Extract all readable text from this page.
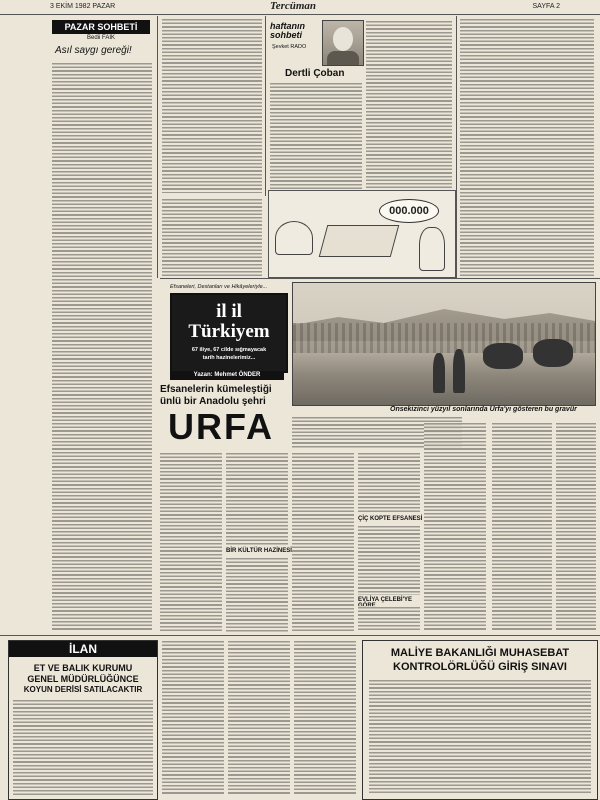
3 EKİM 1982 PAZAR	Tercüman	SAYFA 2
PAZAR SOHBETİ
Bedii FAİK
Asıl saygı gereği!
haftanın
sohbeti
Şevket RADO
Dertli Çoban
000.000
Efsaneleri, Destanları ve Hikâyeleriyle...
il il
Türkiyem
67 iliye, 67 cilde sığmayacak
tarih hazinelerimiz...
Yazan: Mehmet ÖNDER
Onsekizinci yüzyıl sonlarında Urfa'yı gösteren bu gravür
Efsanelerin kümeleştiği
ünlü bir Anadolu şehri
URFA
BİR KÜLTÜR HAZİNESİ
ÇİÇ KOPTE EFSANESİ
EVLİYA ÇELEBİ'YE
İLAN
ET VE BALIK KURUMU
GENEL MÜDÜRLÜĞÜNCE
KOYUN DERİSİ SATILACAKTIR
MALİYE BAKANLIĞI MUHASEBAT
KONTROLÖRLÜĞÜ GİRİŞ SINAVI
